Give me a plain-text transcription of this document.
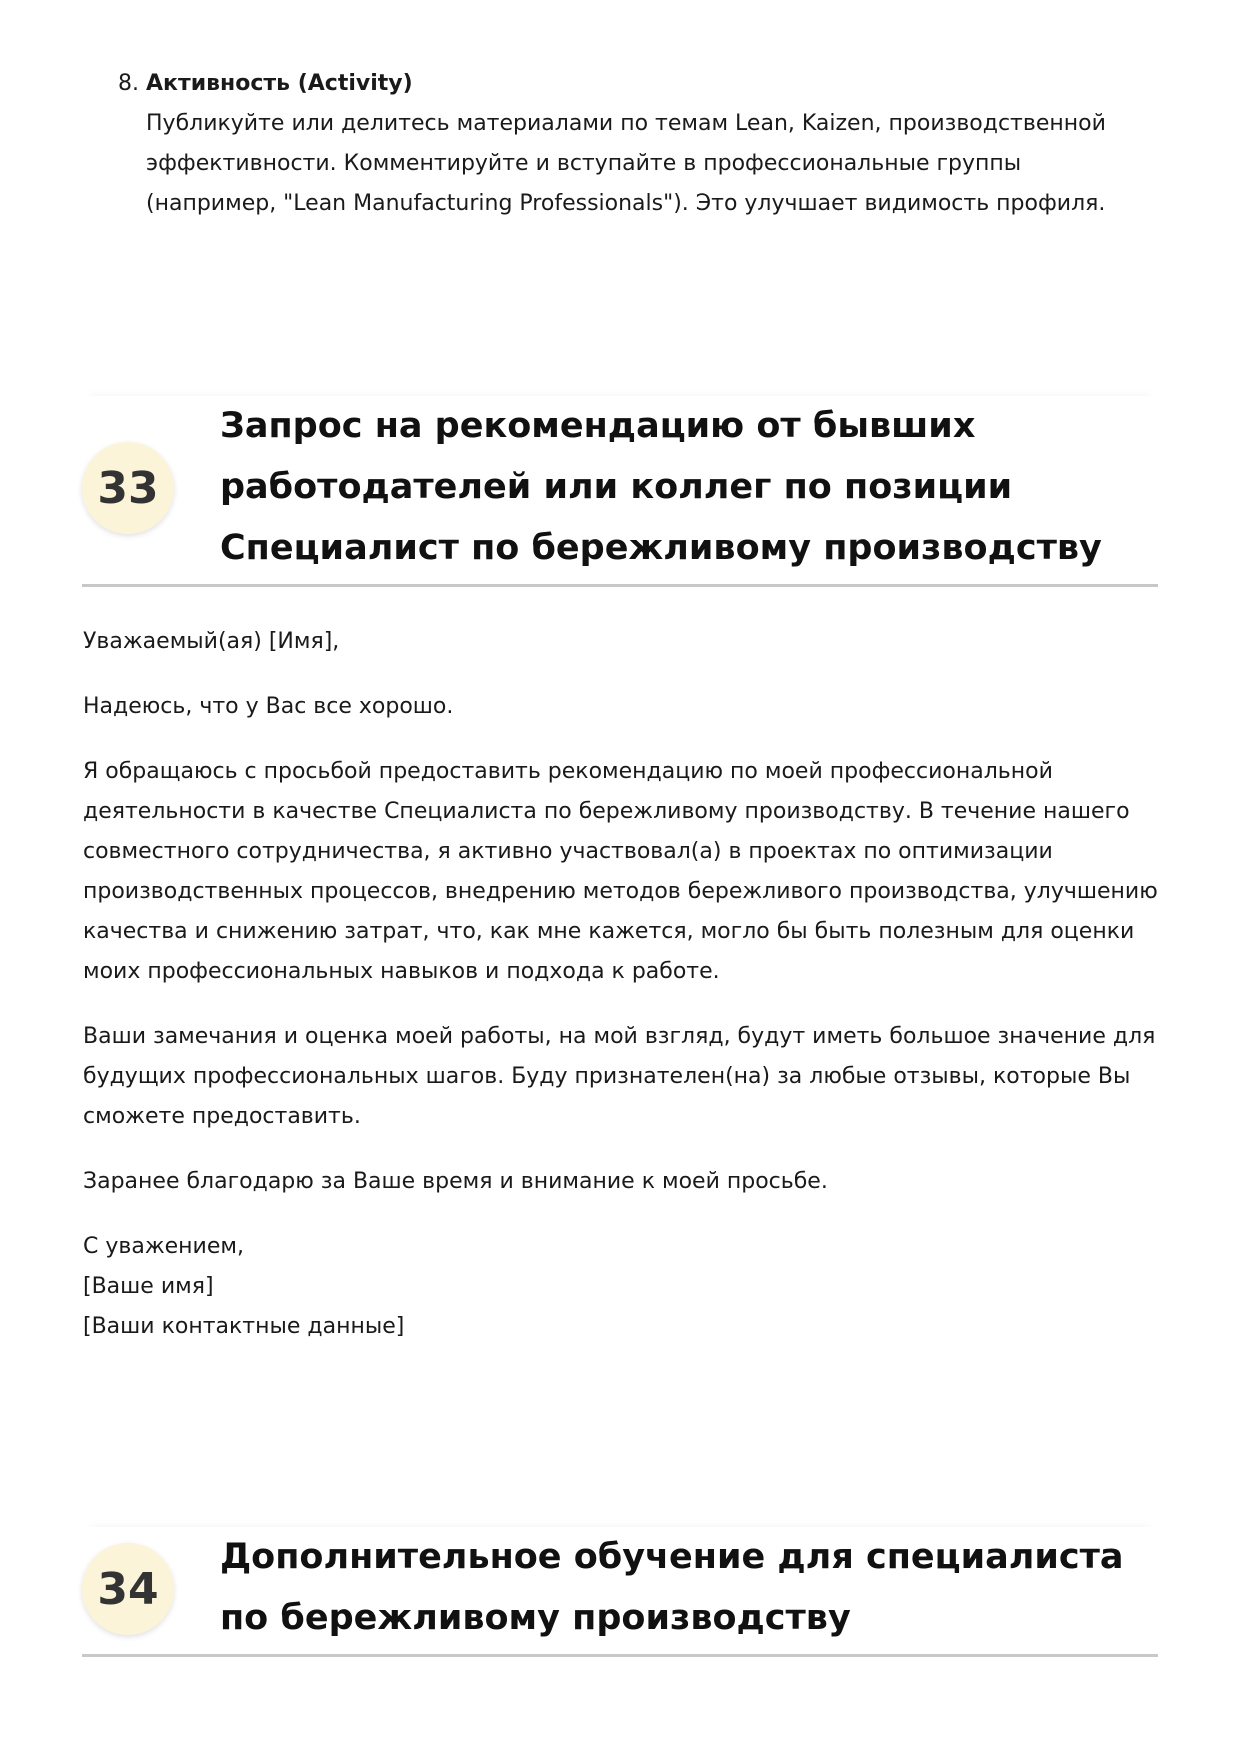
8. Активность (Activity)
Публикуйте или делитесь материалами по темам Lean, Kaizen, производственной эффективности. Комментируйте и вступайте в профессиональные группы (например, "Lean Manufacturing Professionals"). Это улучшает видимость профиля.
33
Запрос на рекомендацию от бывших работодателей или коллег по позиции Специалист по бережливому производству

Уважаемый(ая) [Имя],

Надеюсь, что у Вас все хорошо.

Я обращаюсь с просьбой предоставить рекомендацию по моей профессиональной деятельности в качестве Специалиста по бережливому производству. В течение нашего совместного сотрудничества, я активно участвовал(а) в проектах по оптимизации производственных процессов, внедрению методов бережливого производства, улучшению качества и снижению затрат, что, как мне кажется, могло бы быть полезным для оценки моих профессиональных навыков и подхода к работе.

Ваши замечания и оценка моей работы, на мой взгляд, будут иметь большое значение для будущих профессиональных шагов. Буду признателен(на) за любые отзывы, которые Вы сможете предоставить.

Заранее благодарю за Ваше время и внимание к моей просьбе.

С уважением,
[Ваше имя]
[Ваши контактные данные]

34
Дополнительное обучение для специалиста по бережливому производству
